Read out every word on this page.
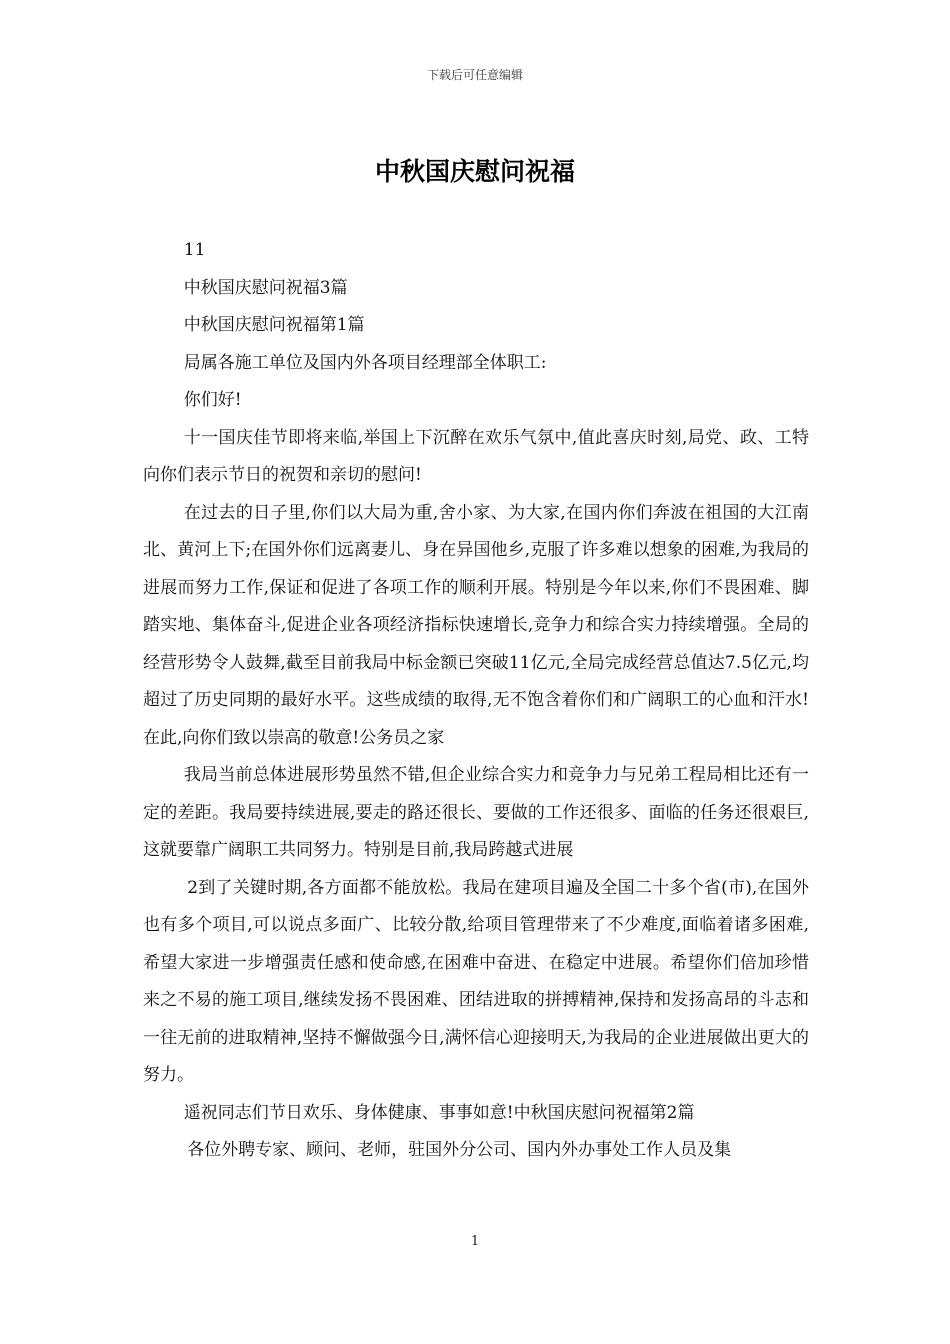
下载后可任意编辑
中秋国庆慰问祝福

11

中秋国庆慰问祝福3篇

中秋国庆慰问祝福第1篇

局属各施工单位及国内外各项目经理部全体职工:

你们好!

十一国庆佳节即将来临,举国上下沉醉在欢乐气氛中,值此喜庆时刻,局党、政、工特向你们表示节日的祝贺和亲切的慰问!

在过去的日子里,你们以大局为重,舍小家、为大家,在国内你们奔波在祖国的大江南北、黄河上下;在国外你们远离妻儿、身在异国他乡,克服了许多难以想象的困难,为我局的进展而努力工作,保证和促进了各项工作的顺利开展。特别是今年以来,你们不畏困难、脚踏实地、集体奋斗,促进企业各项经济指标快速增长,竞争力和综合实力持续增强。全局的经营形势令人鼓舞,截至目前我局中标金额已突破11亿元,全局完成经营总值达7.5亿元,均超过了历史同期的最好水平。这些成绩的取得,无不饱含着你们和广阔职工的心血和汗水!在此,向你们致以崇高的敬意!公务员之家

我局当前总体进展形势虽然不错,但企业综合实力和竞争力与兄弟工程局相比还有一定的差距。我局要持续进展,要走的路还很长、要做的工作还很多、面临的任务还很艰巨,这就要靠广阔职工共同努力。特别是目前,我局跨越式进展

2到了关键时期,各方面都不能放松。我局在建项目遍及全国二十多个省(市),在国外也有多个项目,可以说点多面广、比较分散,给项目管理带来了不少难度,面临着诸多困难,希望大家进一步增强责任感和使命感,在困难中奋进、在稳定中进展。希望你们倍加珍惜来之不易的施工项目,继续发扬不畏困难、团结进取的拼搏精神,保持和发扬高昂的斗志和一往无前的进取精神,坚持不懈做强今日,满怀信心迎接明天,为我局的企业进展做出更大的努力。

遥祝同志们节日欢乐、身体健康、事事如意!中秋国庆慰问祝福第2篇

各位外聘专家、顾问、老师，驻国外分公司、国内外办事处工作人员及集

1
